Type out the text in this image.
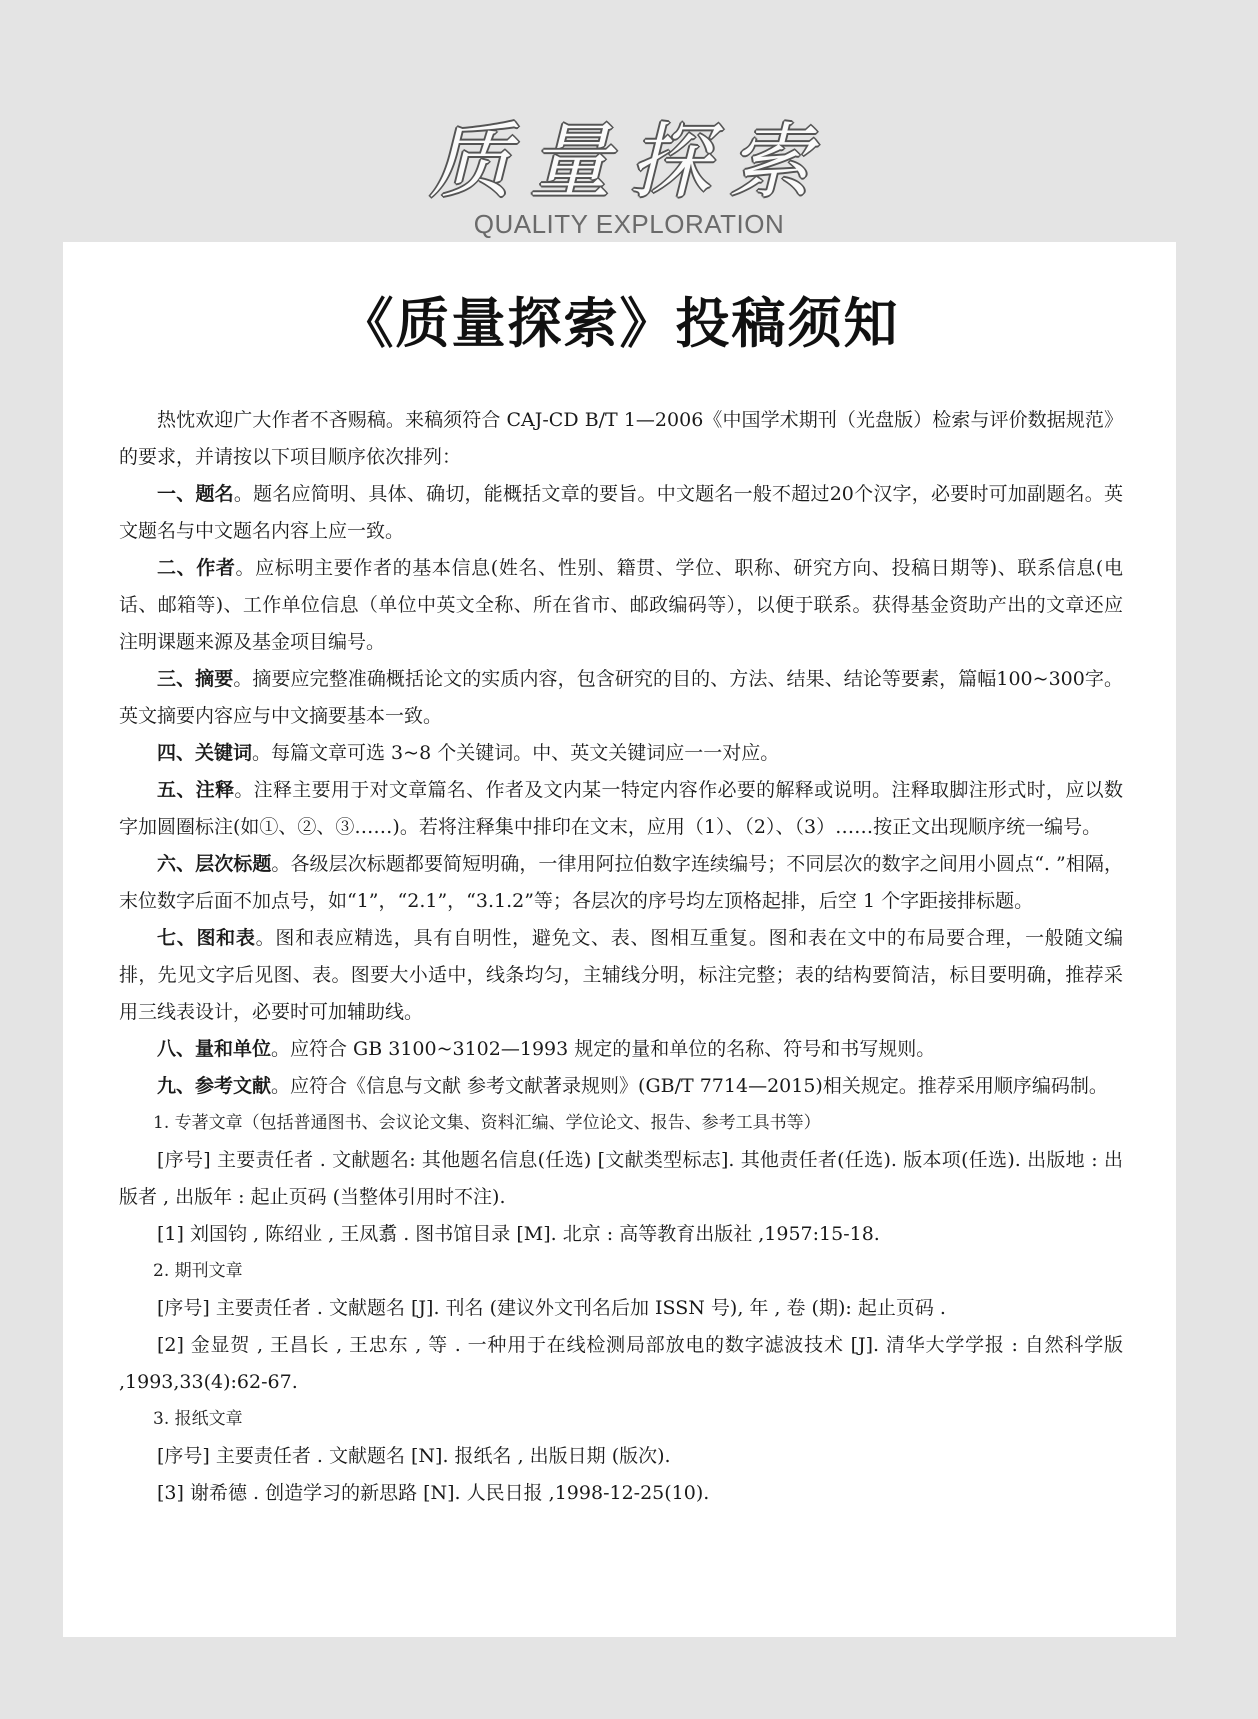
质量探索
QUALITY EXPLORATION
《质量探索》投稿须知

热忱欢迎广大作者不吝赐稿。来稿须符合 CAJ-CD B/T 1—2006《中国学术期刊（光盘版）检索与评价数据规范》的要求，并请按以下项目顺序依次排列：

一、题名。题名应简明、具体、确切，能概括文章的要旨。中文题名一般不超过20个汉字，必要时可加副题名。英文题名与中文题名内容上应一致。

二、作者。应标明主要作者的基本信息(姓名、性别、籍贯、学位、职称、研究方向、投稿日期等)、联系信息(电话、邮箱等)、工作单位信息（单位中英文全称、所在省市、邮政编码等），以便于联系。获得基金资助产出的文章还应注明课题来源及基金项目编号。

三、摘要。摘要应完整准确概括论文的实质内容，包含研究的目的、方法、结果、结论等要素，篇幅100~300字。英文摘要内容应与中文摘要基本一致。

四、关键词。每篇文章可选 3~8 个关键词。中、英文关键词应一一对应。

五、注释。注释主要用于对文章篇名、作者及文内某一特定内容作必要的解释或说明。注释取脚注形式时，应以数字加圆圈标注(如①、②、③……)。若将注释集中排印在文末，应用（1）、（2）、（3）……按正文出现顺序统一编号。

六、层次标题。各级层次标题都要简短明确，一律用阿拉伯数字连续编号；不同层次的数字之间用小圆点“. ”相隔，末位数字后面不加点号，如“1”，“2.1”，“3.1.2”等；各层次的序号均左顶格起排，后空 1 个字距接排标题。

七、图和表。图和表应精选，具有自明性，避免文、表、图相互重复。图和表在文中的布局要合理，一般随文编排，先见文字后见图、表。图要大小适中，线条均匀，主辅线分明，标注完整；表的结构要简洁，标目要明确，推荐采用三线表设计，必要时可加辅助线。

八、量和单位。应符合 GB 3100~3102—1993 规定的量和单位的名称、符号和书写规则。

九、参考文献。应符合《信息与文献 参考文献著录规则》(GB/T 7714—2015)相关规定。推荐采用顺序编码制。

1. 专著文章（包括普通图书、会议论文集、资料汇编、学位论文、报告、参考工具书等）

[序号] 主要责任者 . 文献题名: 其他题名信息(任选) [文献类型标志]. 其他责任者(任选). 版本项(任选). 出版地 : 出版者 , 出版年 : 起止页码 (当整体引用时不注).

[1] 刘国钧 , 陈绍业 , 王凤翥 . 图书馆目录 [M]. 北京 : 高等教育出版社 ,1957:15-18.

2. 期刊文章

[序号] 主要责任者 . 文献题名 [J]. 刊名 (建议外文刊名后加 ISSN 号), 年 , 卷 (期): 起止页码 .

[2] 金显贺 , 王昌长 , 王忠东 , 等 . 一种用于在线检测局部放电的数字滤波技术 [J]. 清华大学学报 : 自然科学版 ,1993,33(4):62-67.

3. 报纸文章

[序号] 主要责任者 . 文献题名 [N]. 报纸名 , 出版日期 (版次).

[3] 谢希德 . 创造学习的新思路 [N]. 人民日报 ,1998-12-25(10).
